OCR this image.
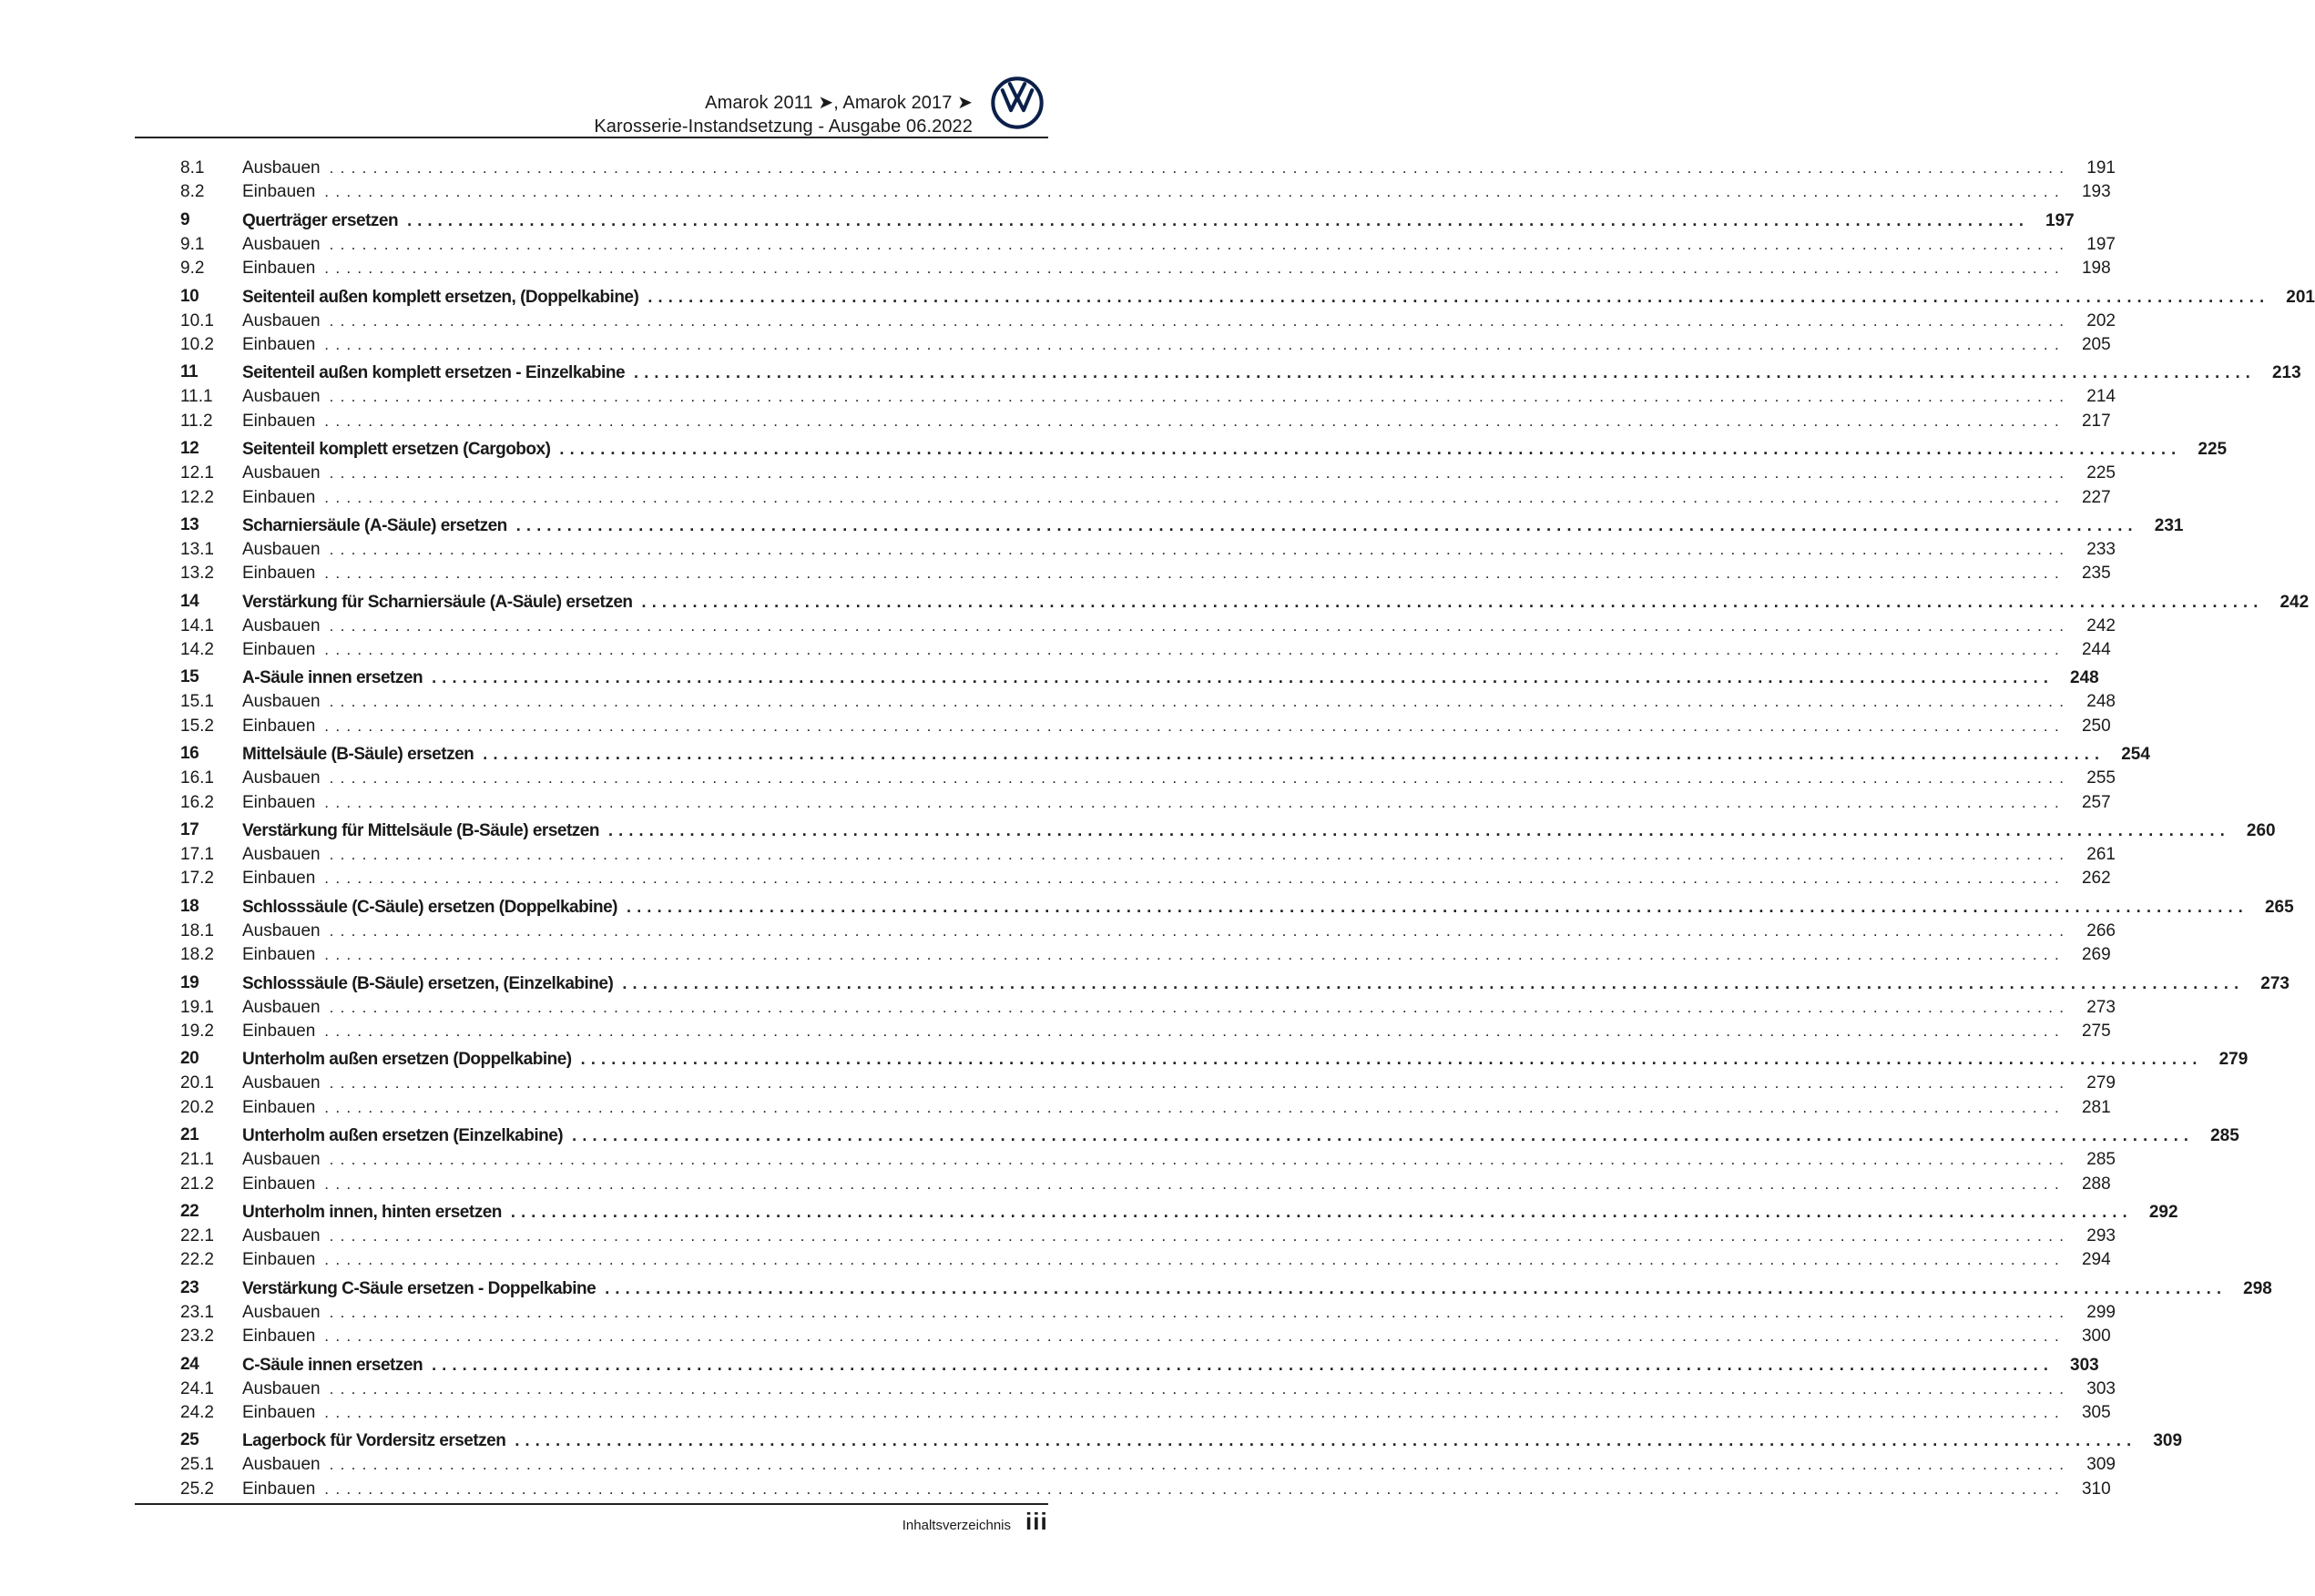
Amarok 2011 ➤, Amarok 2017 ➤
Karosserie-Instandsetzung - Ausgabe 06.2022
8.1 Ausbauen ............................................................................................................................................................... 191
8.2 Einbauen ............................................................................................................................................................... 193
9	Querträger ersetzen ............................................................................................................................................................... 197
9.1 Ausbauen ............................................................................................................................................................... 197
9.2 Einbauen ............................................................................................................................................................... 198
10	Seitenteil außen komplett ersetzen, (Doppelkabine) ............................................................................................................................................................... 201
10.1 Ausbauen ............................................................................................................................................................... 202
10.2 Einbauen ............................................................................................................................................................... 205
11	Seitenteil außen komplett ersetzen - Einzelkabine ............................................................................................................................................................... 213
11.1 Ausbauen ............................................................................................................................................................... 214
11.2 Einbauen ............................................................................................................................................................... 217
12	Seitenteil komplett ersetzen (Cargobox) ............................................................................................................................................................... 225
12.1 Ausbauen ............................................................................................................................................................... 225
12.2 Einbauen ............................................................................................................................................................... 227
13	Scharniersäule (A-Säule) ersetzen ............................................................................................................................................................... 231
13.1 Ausbauen ............................................................................................................................................................... 233
13.2 Einbauen ............................................................................................................................................................... 235
14	Verstärkung für Scharniersäule (A-Säule) ersetzen ............................................................................................................................................................... 242
14.1 Ausbauen ............................................................................................................................................................... 242
14.2 Einbauen ............................................................................................................................................................... 244
15	A-Säule innen ersetzen ............................................................................................................................................................... 248
15.1 Ausbauen ............................................................................................................................................................... 248
15.2 Einbauen ............................................................................................................................................................... 250
16	Mittelsäule (B-Säule) ersetzen ............................................................................................................................................................... 254
16.1 Ausbauen ............................................................................................................................................................... 255
16.2 Einbauen ............................................................................................................................................................... 257
17	Verstärkung für Mittelsäule (B-Säule) ersetzen ............................................................................................................................................................... 260
17.1 Ausbauen ............................................................................................................................................................... 261
17.2 Einbauen ............................................................................................................................................................... 262
18	Schlosssäule (C-Säule) ersetzen (Doppelkabine) ............................................................................................................................................................... 265
18.1 Ausbauen ............................................................................................................................................................... 266
18.2 Einbauen ............................................................................................................................................................... 269
19	Schlosssäule (B-Säule) ersetzen, (Einzelkabine) ............................................................................................................................................................... 273
19.1 Ausbauen ............................................................................................................................................................... 273
19.2 Einbauen ............................................................................................................................................................... 275
20	Unterholm außen ersetzen (Doppelkabine) ............................................................................................................................................................... 279
20.1 Ausbauen ............................................................................................................................................................... 279
20.2 Einbauen ............................................................................................................................................................... 281
21	Unterholm außen ersetzen (Einzelkabine) ............................................................................................................................................................... 285
21.1 Ausbauen ............................................................................................................................................................... 285
21.2 Einbauen ............................................................................................................................................................... 288
22	Unterholm innen, hinten ersetzen ............................................................................................................................................................... 292
22.1 Ausbauen ............................................................................................................................................................... 293
22.2 Einbauen ............................................................................................................................................................... 294
23	Verstärkung C-Säule ersetzen - Doppelkabine ............................................................................................................................................................... 298
23.1 Ausbauen ............................................................................................................................................................... 299
23.2 Einbauen ............................................................................................................................................................... 300
24	C-Säule innen ersetzen ............................................................................................................................................................... 303
24.1 Ausbauen ............................................................................................................................................................... 303
24.2 Einbauen ............................................................................................................................................................... 305
25	Lagerbock für Vordersitz ersetzen ............................................................................................................................................................... 309
25.1 Ausbauen ............................................................................................................................................................... 309
25.2 Einbauen ............................................................................................................................................................... 310
Inhaltsverzeichnis iii
